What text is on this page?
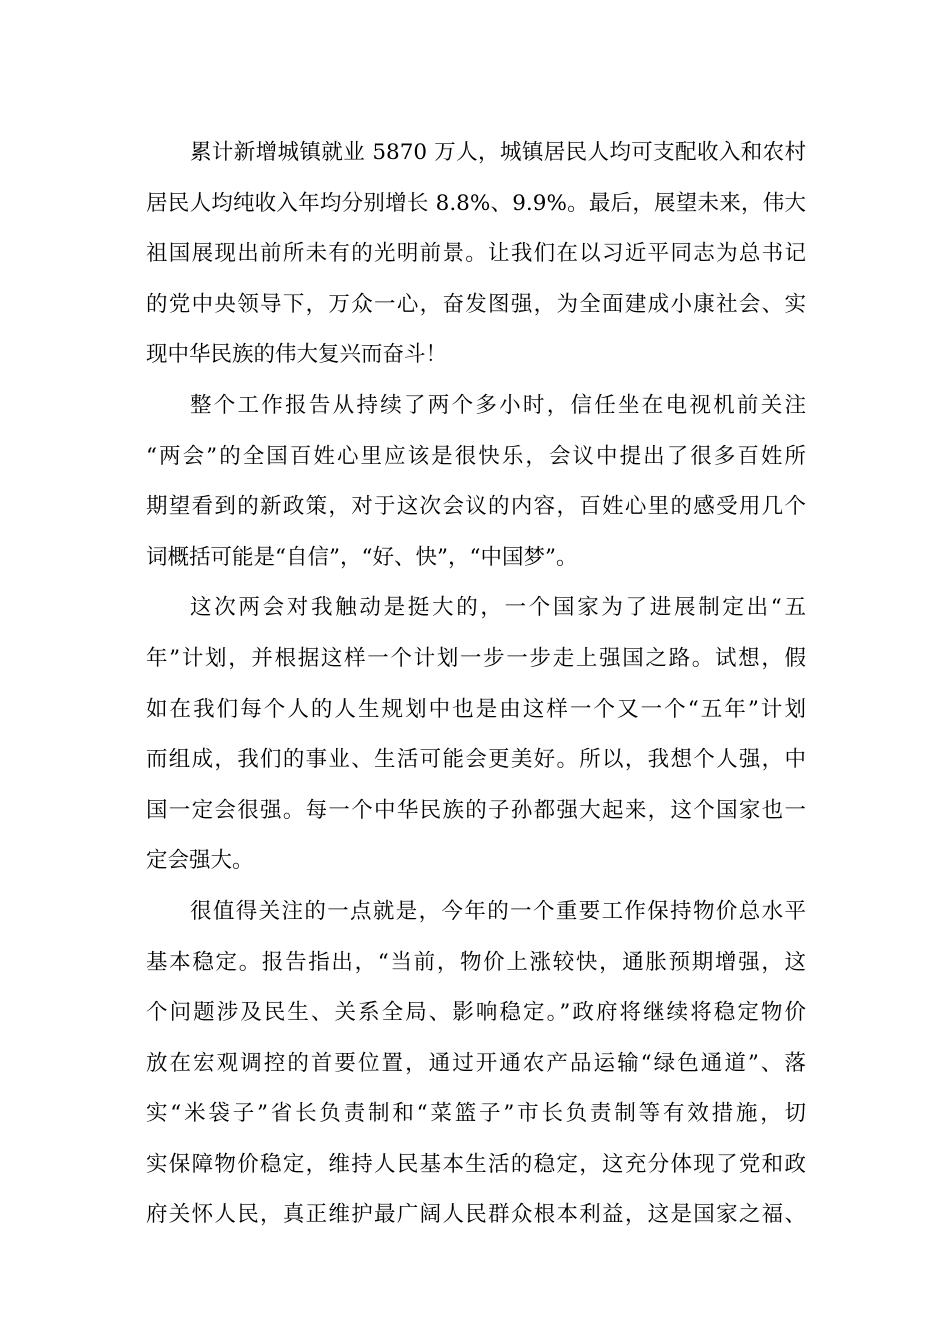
累计新增城镇就业 5870 万人，城镇居民人均可支配收入和农村
居民人均纯收入年均分别增长 8.8%、9.9%。最后，展望未来，伟大
祖国展现出前所未有的光明前景。让我们在以习近平同志为总书记
的党中央领导下，万众一心，奋发图强，为全面建成小康社会、实
现中华民族的伟大复兴而奋斗！
整个工作报告从持续了两个多小时，信任坐在电视机前关注
“两会”的全国百姓心里应该是很快乐，会议中提出了很多百姓所
期望看到的新政策，对于这次会议的内容，百姓心里的感受用几个
词概括可能是“自信”，“好、快”，“中国梦”。
这次两会对我触动是挺大的，一个国家为了进展制定出“五
年”计划，并根据这样一个计划一步一步走上强国之路。试想，假
如在我们每个人的人生规划中也是由这样一个又一个“五年”计划
而组成，我们的事业、生活可能会更美好。所以，我想个人强，中
国一定会很强。每一个中华民族的子孙都强大起来，这个国家也一
定会强大。
很值得关注的一点就是，今年的一个重要工作保持物价总水平
基本稳定。报告指出，“当前，物价上涨较快，通胀预期增强，这
个问题涉及民生、关系全局、影响稳定。”政府将继续将稳定物价
放在宏观调控的首要位置，通过开通农产品运输“绿色通道”、落
实“米袋子”省长负责制和“菜篮子”市长负责制等有效措施，切
实保障物价稳定，维持人民基本生活的稳定，这充分体现了党和政
府关怀人民，真正维护最广阔人民群众根本利益，这是国家之福、
